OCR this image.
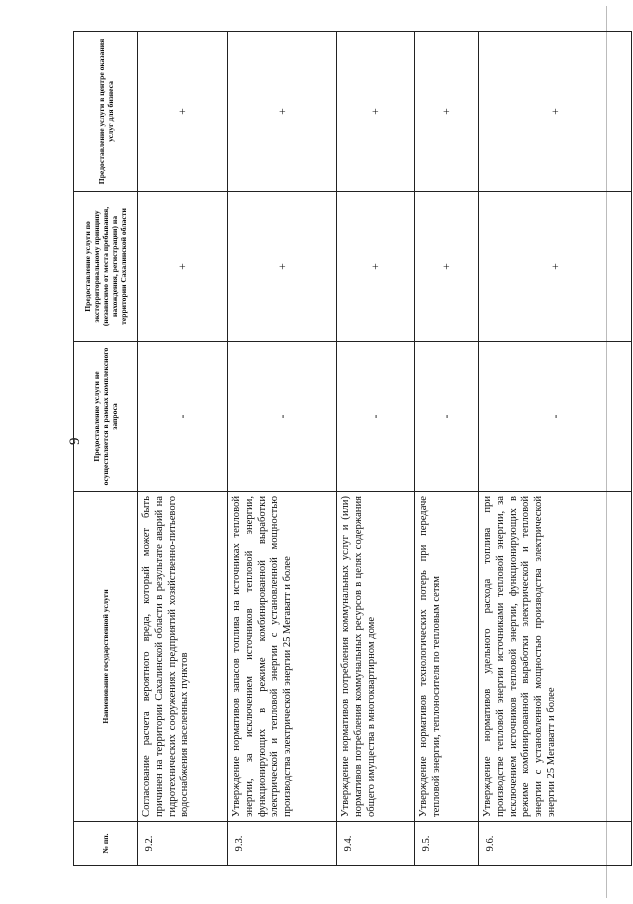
9
№ пп.	Наименование государственной услуги	Предоставление услуги не осуществляется в рамках комплексного запроса	Предоставление услуги по экстерриториальному принципу (независимо от места пребывания, нахождения, регистрации) на территории Сахалинской области	Предоставление услуги в центре оказания услуг для бизнеса
9.2.	Согласование расчета вероятного вреда, который может быть причинен на территории Сахалинской области в результате аварий на гидротехнических сооружениях предприятий хозяйственно-питьевого водоснабжения населенных пунктов	-	+	+
9.3.	Утверждение нормативов запасов топлива на источниках тепловой энергии, за исключением источников тепловой энергии, функционирующих в режиме комбинированной выработки электрической и тепловой энергии с установленной мощностью производства электрической энергии 25 Мегаватт и более	-	+	+
9.4.	Утверждение нормативов потребления коммунальных услуг и (или) нормативов потребления коммунальных ресурсов в целях содержания общего имущества в многоквартирном доме	-	+	+
9.5.	Утверждение нормативов технологических потерь при передаче тепловой энергии, теплоносителя по тепловым сетям	-	+	+
9.6.	Утверждение нормативов удельного расхода топлива при производстве тепловой энергии источниками тепловой энергии, за исключением источников тепловой энергии, функционирующих в режиме комбинированной выработки электрической и тепловой энергии с установленной мощностью производства электрической энергии 25 Мегаватт и более	-	+	+
